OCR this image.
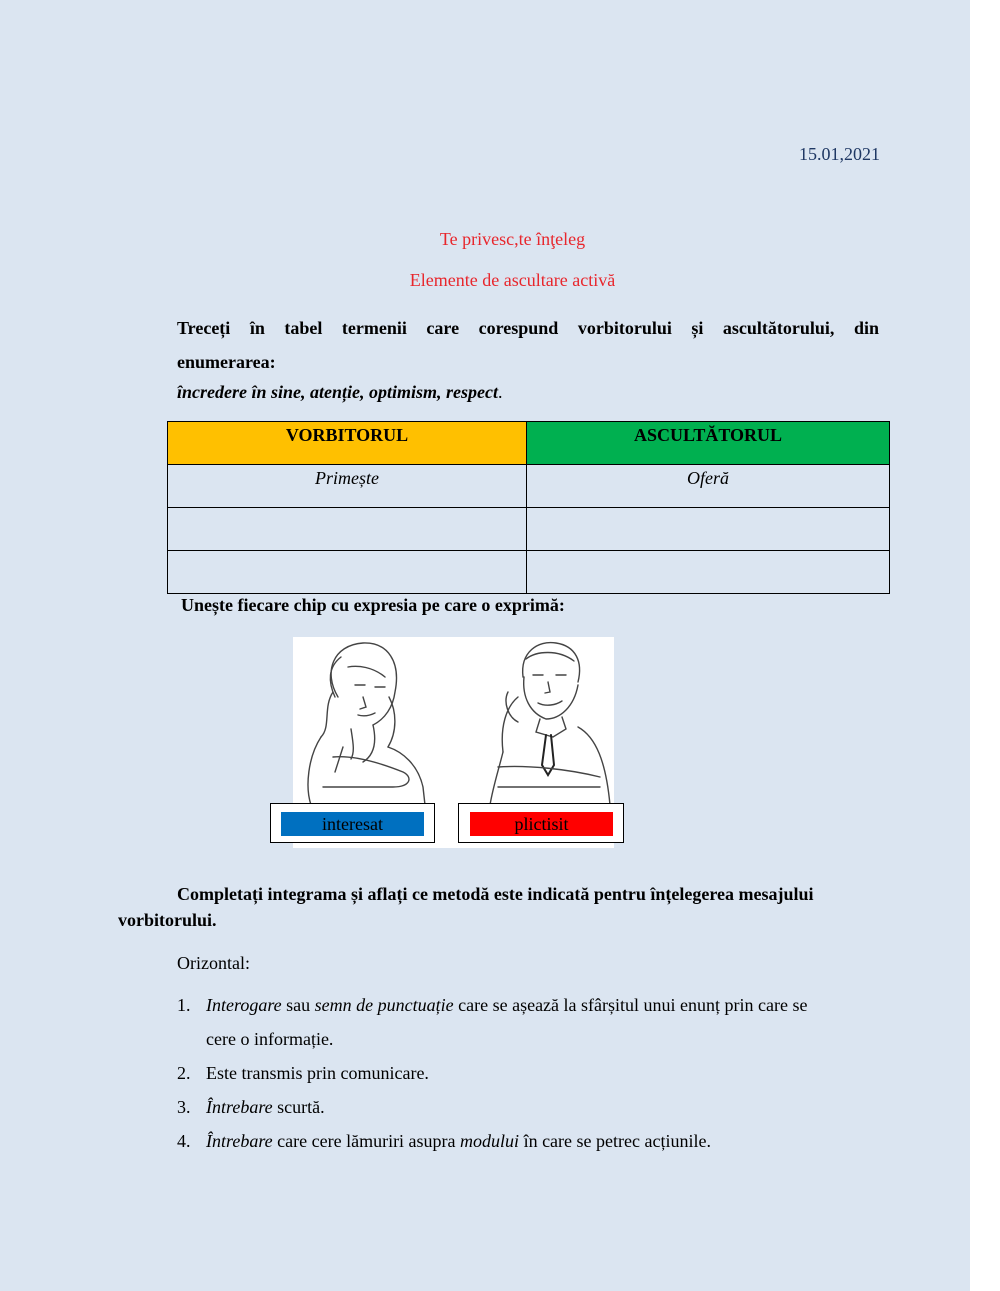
15.01,2021
Te privesc,te înţeleg
Elemente de ascultare activă
Treceți în tabel termenii care corespund vorbitorului și ascultătorului, din
enumerarea:
încredere în sine, atenție, optimism, respect.
VORBITORUL	ASCULTĂTORUL
Primește	Oferă

Unește fiecare chip cu expresia pe care o exprimă:
interesat	plictisit
Completați integrama și aflați ce metodă este indicată pentru înțelegerea mesajului
vorbitorului.
Orizontal:
1. Interogare sau semn de punctuație care se așează la sfârșitul unui enunț prin care se
cere o informație.
2. Este transmis prin comunicare.
3. Întrebare scurtă.
4. Întrebare care cere lămuriri asupra modului în care se petrec acțiunile.
